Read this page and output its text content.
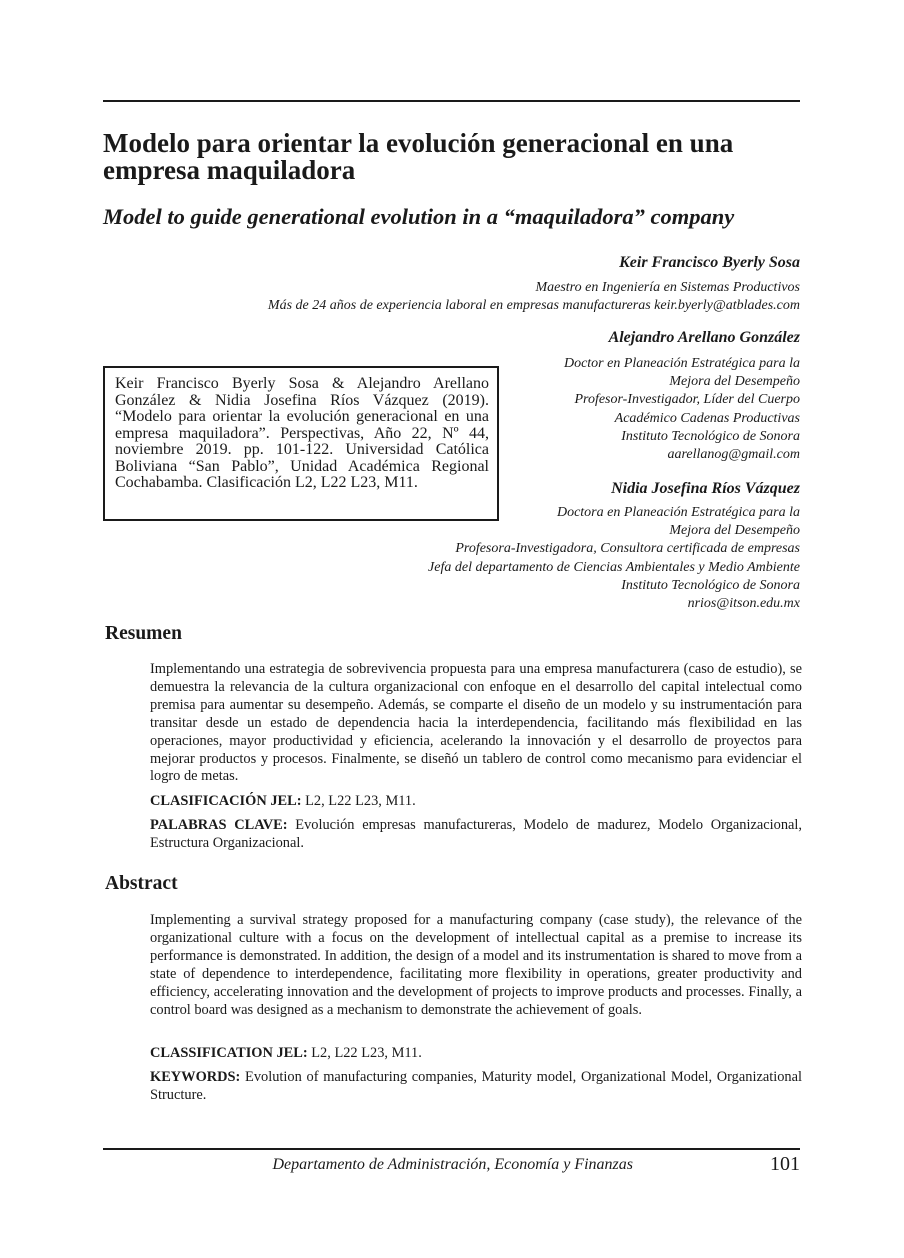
Modelo para orientar la evolución generacional en una empresa maquiladora
Model to guide generational evolution in a “maquiladora” company
Keir Francisco Byerly Sosa
Maestro en Ingeniería en Sistemas Productivos
Más de 24 años de experiencia laboral en empresas manufactureras keir.byerly@atblades.com
Alejandro Arellano González
Doctor en Planeación Estratégica para la
Mejora del Desempeño
Profesor-Investigador, Líder del Cuerpo
Académico Cadenas Productivas
Instituto Tecnológico de Sonora
aarellanog@gmail.com
Nidia Josefina Ríos Vázquez
Doctora en Planeación Estratégica para la
Mejora del Desempeño
Profesora-Investigadora, Consultora certificada de empresas
Jefa del departamento de Ciencias Ambientales y Medio Ambiente
Instituto Tecnológico de Sonora
nrios@itson.edu.mx

Keir Francisco Byerly Sosa & Alejandro Arellano González & Nidia Josefina Ríos Vázquez (2019). “Modelo para orientar la evolución generacional en una empresa maquiladora”. Perspectivas, Año 22, Nº 44, noviembre 2019. pp. 101-122. Universidad Católica Boliviana “San Pablo”, Unidad Académica Regional Cochabamba. Clasificación L2, L22 L23, M11.

Resumen

Implementando una estrategia de sobrevivencia propuesta para una empresa manufacturera (caso de estudio), se demuestra la relevancia de la cultura organizacional con enfoque en el desarrollo del capital intelectual como premisa para aumentar su desempeño. Además, se comparte el diseño de un modelo y su instrumentación para transitar desde un estado de dependencia hacia la interdependencia, facilitando más flexibilidad en las operaciones, mayor productividad y eficiencia, acelerando la innovación y el desarrollo de proyectos para mejorar productos y procesos. Finalmente, se diseñó un tablero de control como mecanismo para evidenciar el logro de metas.

CLASIFICACIÓN JEL: L2, L22 L23, M11.

PALABRAS CLAVE: Evolución empresas manufactureras, Modelo de madurez, Modelo Organizacional, Estructura Organizacional.

Abstract

Implementing a survival strategy proposed for a manufacturing company (case study), the relevance of the organizational culture with a focus on the development of intellectual capital as a premise to increase its performance is demonstrated. In addition, the design of a model and its instrumentation is shared to move from a state of dependence to interdependence, facilitating more flexibility in operations, greater productivity and efficiency, accelerating innovation and the development of projects to improve products and processes. Finally, a control board was designed as a mechanism to demonstrate the achievement of goals.

CLASSIFICATION JEL: L2, L22 L23, M11.

KEYWORDS: Evolution of manufacturing companies, Maturity model, Organizational Model, Organizational Structure.

Departamento de Administración, Economía y Finanzas	101
